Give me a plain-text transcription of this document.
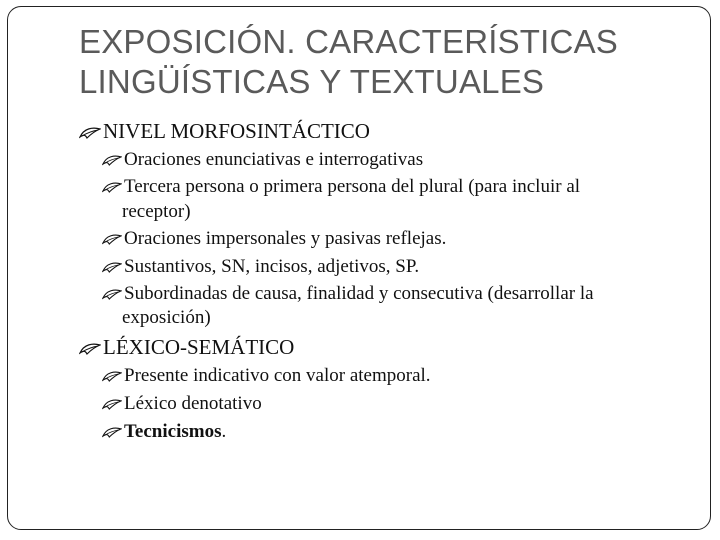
EXPOSICIÓN. CARACTERÍSTICAS
LINGÜÍSTICAS Y TEXTUALES
NIVEL MORFOSINTÁCTICO
Oraciones enunciativas e interrogativas
Tercera persona o primera persona del plural (para incluir al
receptor)
Oraciones impersonales y pasivas reflejas.
Sustantivos, SN, incisos, adjetivos, SP.
Subordinadas de causa, finalidad y consecutiva (desarrollar la
exposición)
LÉXICO-SEMÁTICO
Presente indicativo con valor atemporal.
Léxico denotativo
Tecnicismos.
